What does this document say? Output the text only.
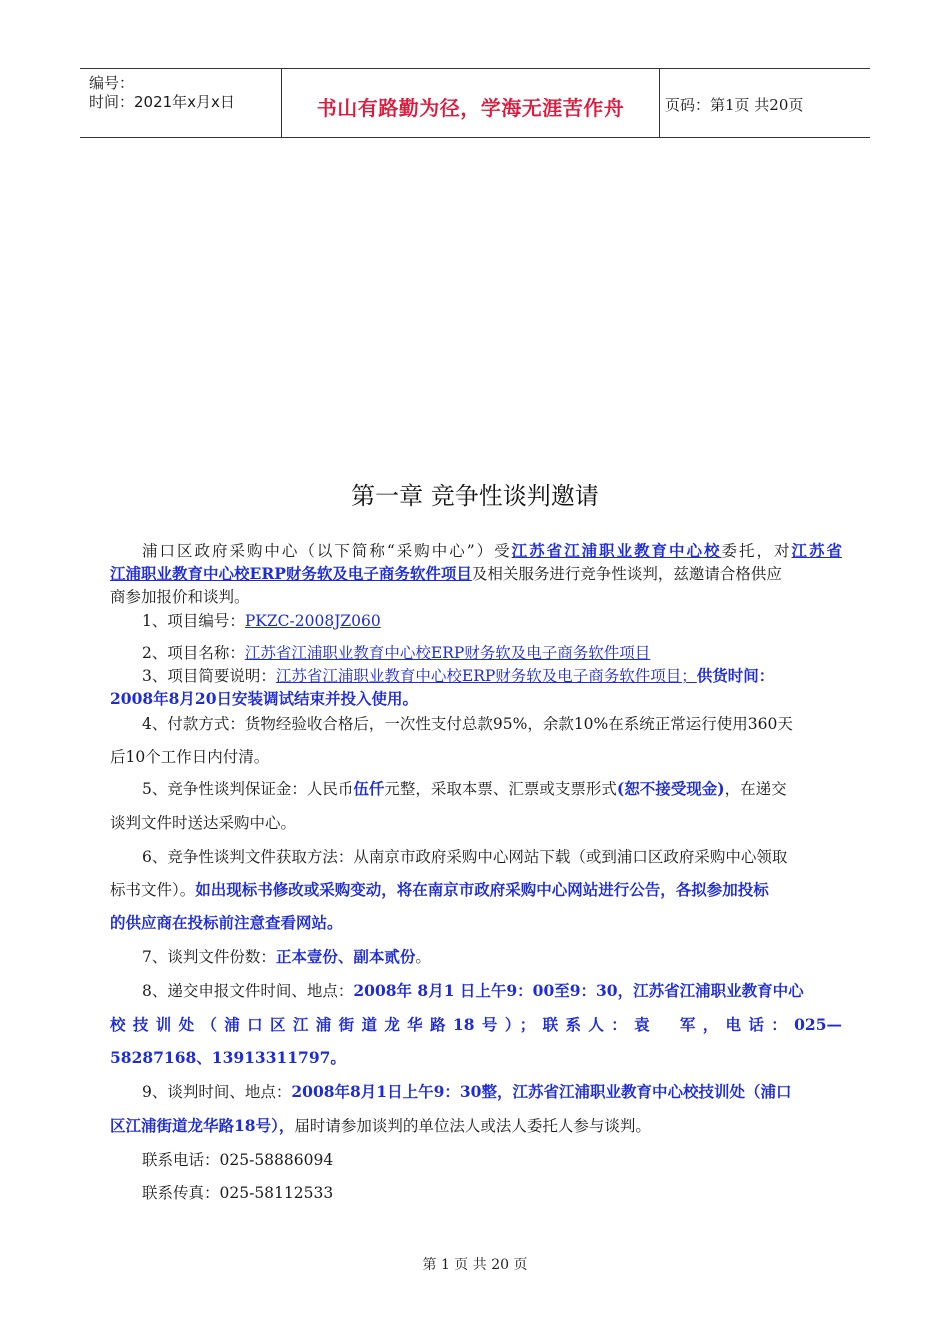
编号：
时间：2021年x月x日	书山有路勤为径，学海无涯苦作舟	页码：第1页 共20页
第一章 竞争性谈判邀请
浦口区政府采购中心（以下简称“采购中心”）受江苏省江浦职业教育中心校委托，对江苏省
江浦职业教育中心校ERP财务软及电子商务软件项目及相关服务进行竞争性谈判，兹邀请合格供应
商参加报价和谈判。
1、项目编号：PKZC-2008JZ060
2、项目名称：江苏省江浦职业教育中心校ERP财务软及电子商务软件项目
3、项目简要说明：江苏省江浦职业教育中心校ERP财务软及电子商务软件项目；供货时间：
2008年8月20日安装调试结束并投入使用。
4、付款方式：货物经验收合格后，一次性支付总款95%，余款10%在系统正常运行使用360天
后10个工作日内付清。
5、竞争性谈判保证金：人民币伍仟元整，采取本票、汇票或支票形式(恕不接受现金)，在递交
谈判文件时送达采购中心。
6、竞争性谈判文件获取方法：从南京市政府采购中心网站下载（或到浦口区政府采购中心领取
标书文件）。如出现标书修改或采购变动，将在南京市政府采购中心网站进行公告，各拟参加投标
的供应商在投标前注意查看网站。
7、谈判文件份数：正本壹份、副本贰份。
8、递交申报文件时间、地点：2008年 8月1 日上午9：00至9：30，江苏省江浦职业教育中心
校技训处（浦口区江浦街道龙华路18号）；联系人：袁　军，电话：025—
58287168、13913311797。
9、谈判时间、地点：2008年8月1日上午9：30整，江苏省江浦职业教育中心校技训处（浦口
区江浦街道龙华路18号），届时请参加谈判的单位法人或法人委托人参与谈判。
联系电话：025-58886094
联系传真：025-58112533
第 1 页 共 20 页
